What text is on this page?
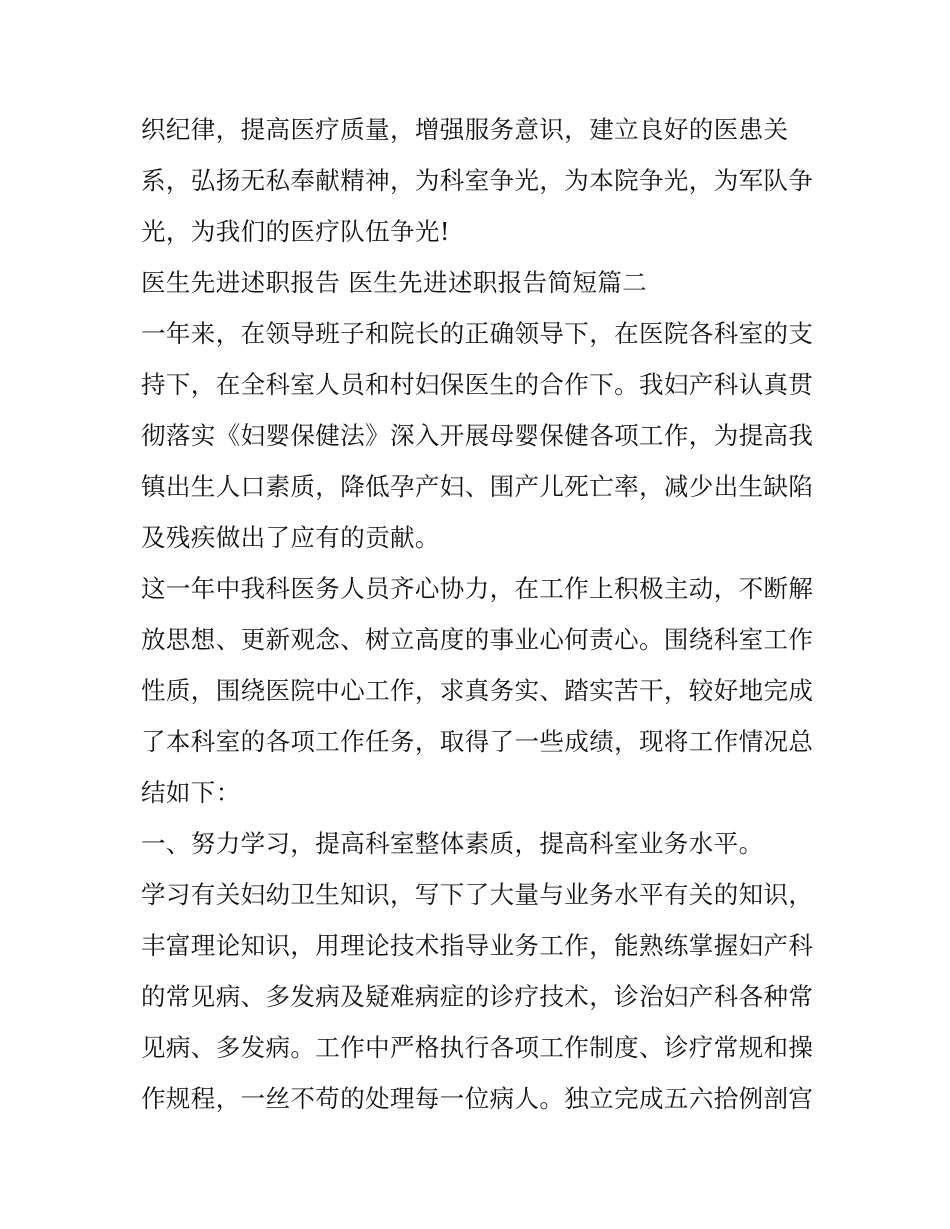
织纪律，提高医疗质量，增强服务意识，建立良好的医患关
系，弘扬无私奉献精神，为科室争光，为本院争光，为军队争
光，为我们的医疗队伍争光!
医生先进述职报告 医生先进述职报告简短篇二
一年来，在领导班子和院长的正确领导下，在医院各科室的支
持下，在全科室人员和村妇保医生的合作下。我妇产科认真贯
彻落实《妇婴保健法》深入开展母婴保健各项工作，为提高我
镇出生人口素质，降低孕产妇、围产儿死亡率，减少出生缺陷
及残疾做出了应有的贡献。
这一年中我科医务人员齐心协力，在工作上积极主动，不断解
放思想、更新观念、树立高度的事业心何责心。围绕科室工作
性质，围绕医院中心工作，求真务实、踏实苦干，较好地完成
了本科室的各项工作任务，取得了一些成绩，现将工作情况总
结如下：
一、努力学习，提高科室整体素质，提高科室业务水平。
学习有关妇幼卫生知识，写下了大量与业务水平有关的知识，
丰富理论知识，用理论技术指导业务工作，能熟练掌握妇产科
的常见病、多发病及疑难病症的诊疗技术，诊治妇产科各种常
见病、多发病。工作中严格执行各项工作制度、诊疗常规和操
作规程，一丝不苟的处理每一位病人。独立完成五六拾例剖宫
